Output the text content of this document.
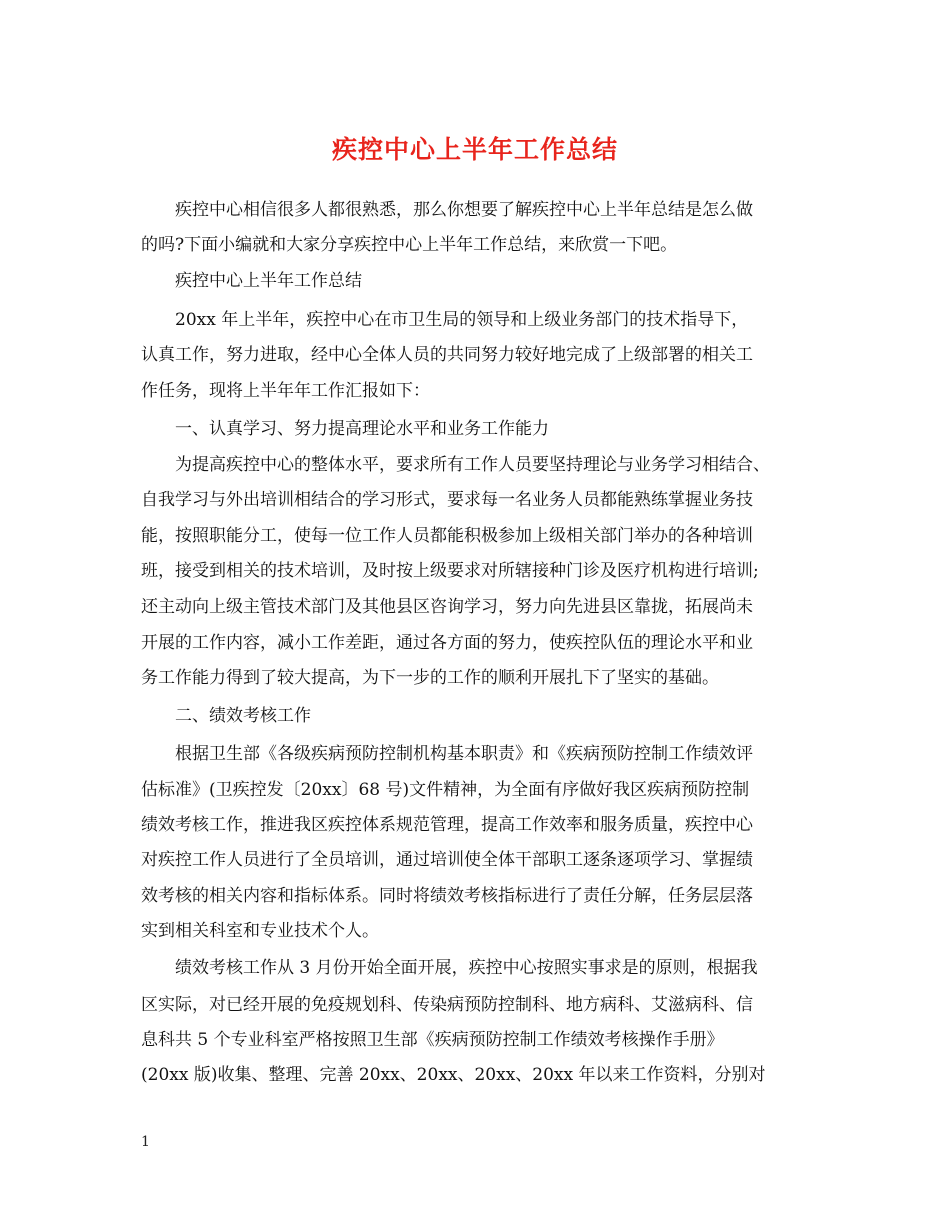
疾控中心上半年工作总结
疾控中心相信很多人都很熟悉，那么你想要了解疾控中心上半年总结是怎么做
的吗?下面小编就和大家分享疾控中心上半年工作总结，来欣赏一下吧。
疾控中心上半年工作总结
20xx 年上半年，疾控中心在市卫生局的领导和上级业务部门的技术指导下，
认真工作，努力进取，经中心全体人员的共同努力较好地完成了上级部署的相关工
作任务，现将上半年年工作汇报如下：
一、认真学习、努力提高理论水平和业务工作能力
为提高疾控中心的整体水平，要求所有工作人员要坚持理论与业务学习相结合、
自我学习与外出培训相结合的学习形式，要求每一名业务人员都能熟练掌握业务技
能，按照职能分工，使每一位工作人员都能积极参加上级相关部门举办的各种培训
班，接受到相关的技术培训，及时按上级要求对所辖接种门诊及医疗机构进行培训;
还主动向上级主管技术部门及其他县区咨询学习，努力向先进县区靠拢，拓展尚未
开展的工作内容，减小工作差距，通过各方面的努力，使疾控队伍的理论水平和业
务工作能力得到了较大提高，为下一步的工作的顺利开展扎下了坚实的基础。
二、绩效考核工作
根据卫生部《各级疾病预防控制机构基本职责》和《疾病预防控制工作绩效评
估标准》(卫疾控发〔20xx〕68 号)文件精神，为全面有序做好我区疾病预防控制
绩效考核工作，推进我区疾控体系规范管理，提高工作效率和服务质量，疾控中心
对疾控工作人员进行了全员培训，通过培训使全体干部职工逐条逐项学习、掌握绩
效考核的相关内容和指标体系。同时将绩效考核指标进行了责任分解，任务层层落
实到相关科室和专业技术个人。
绩效考核工作从 3 月份开始全面开展，疾控中心按照实事求是的原则，根据我
区实际，对已经开展的免疫规划科、传染病预防控制科、地方病科、艾滋病科、信
息科共 5 个专业科室严格按照卫生部《疾病预防控制工作绩效考核操作手册》
(20xx 版)收集、整理、完善 20xx、20xx、20xx、20xx 年以来工作资料，分别对
1
